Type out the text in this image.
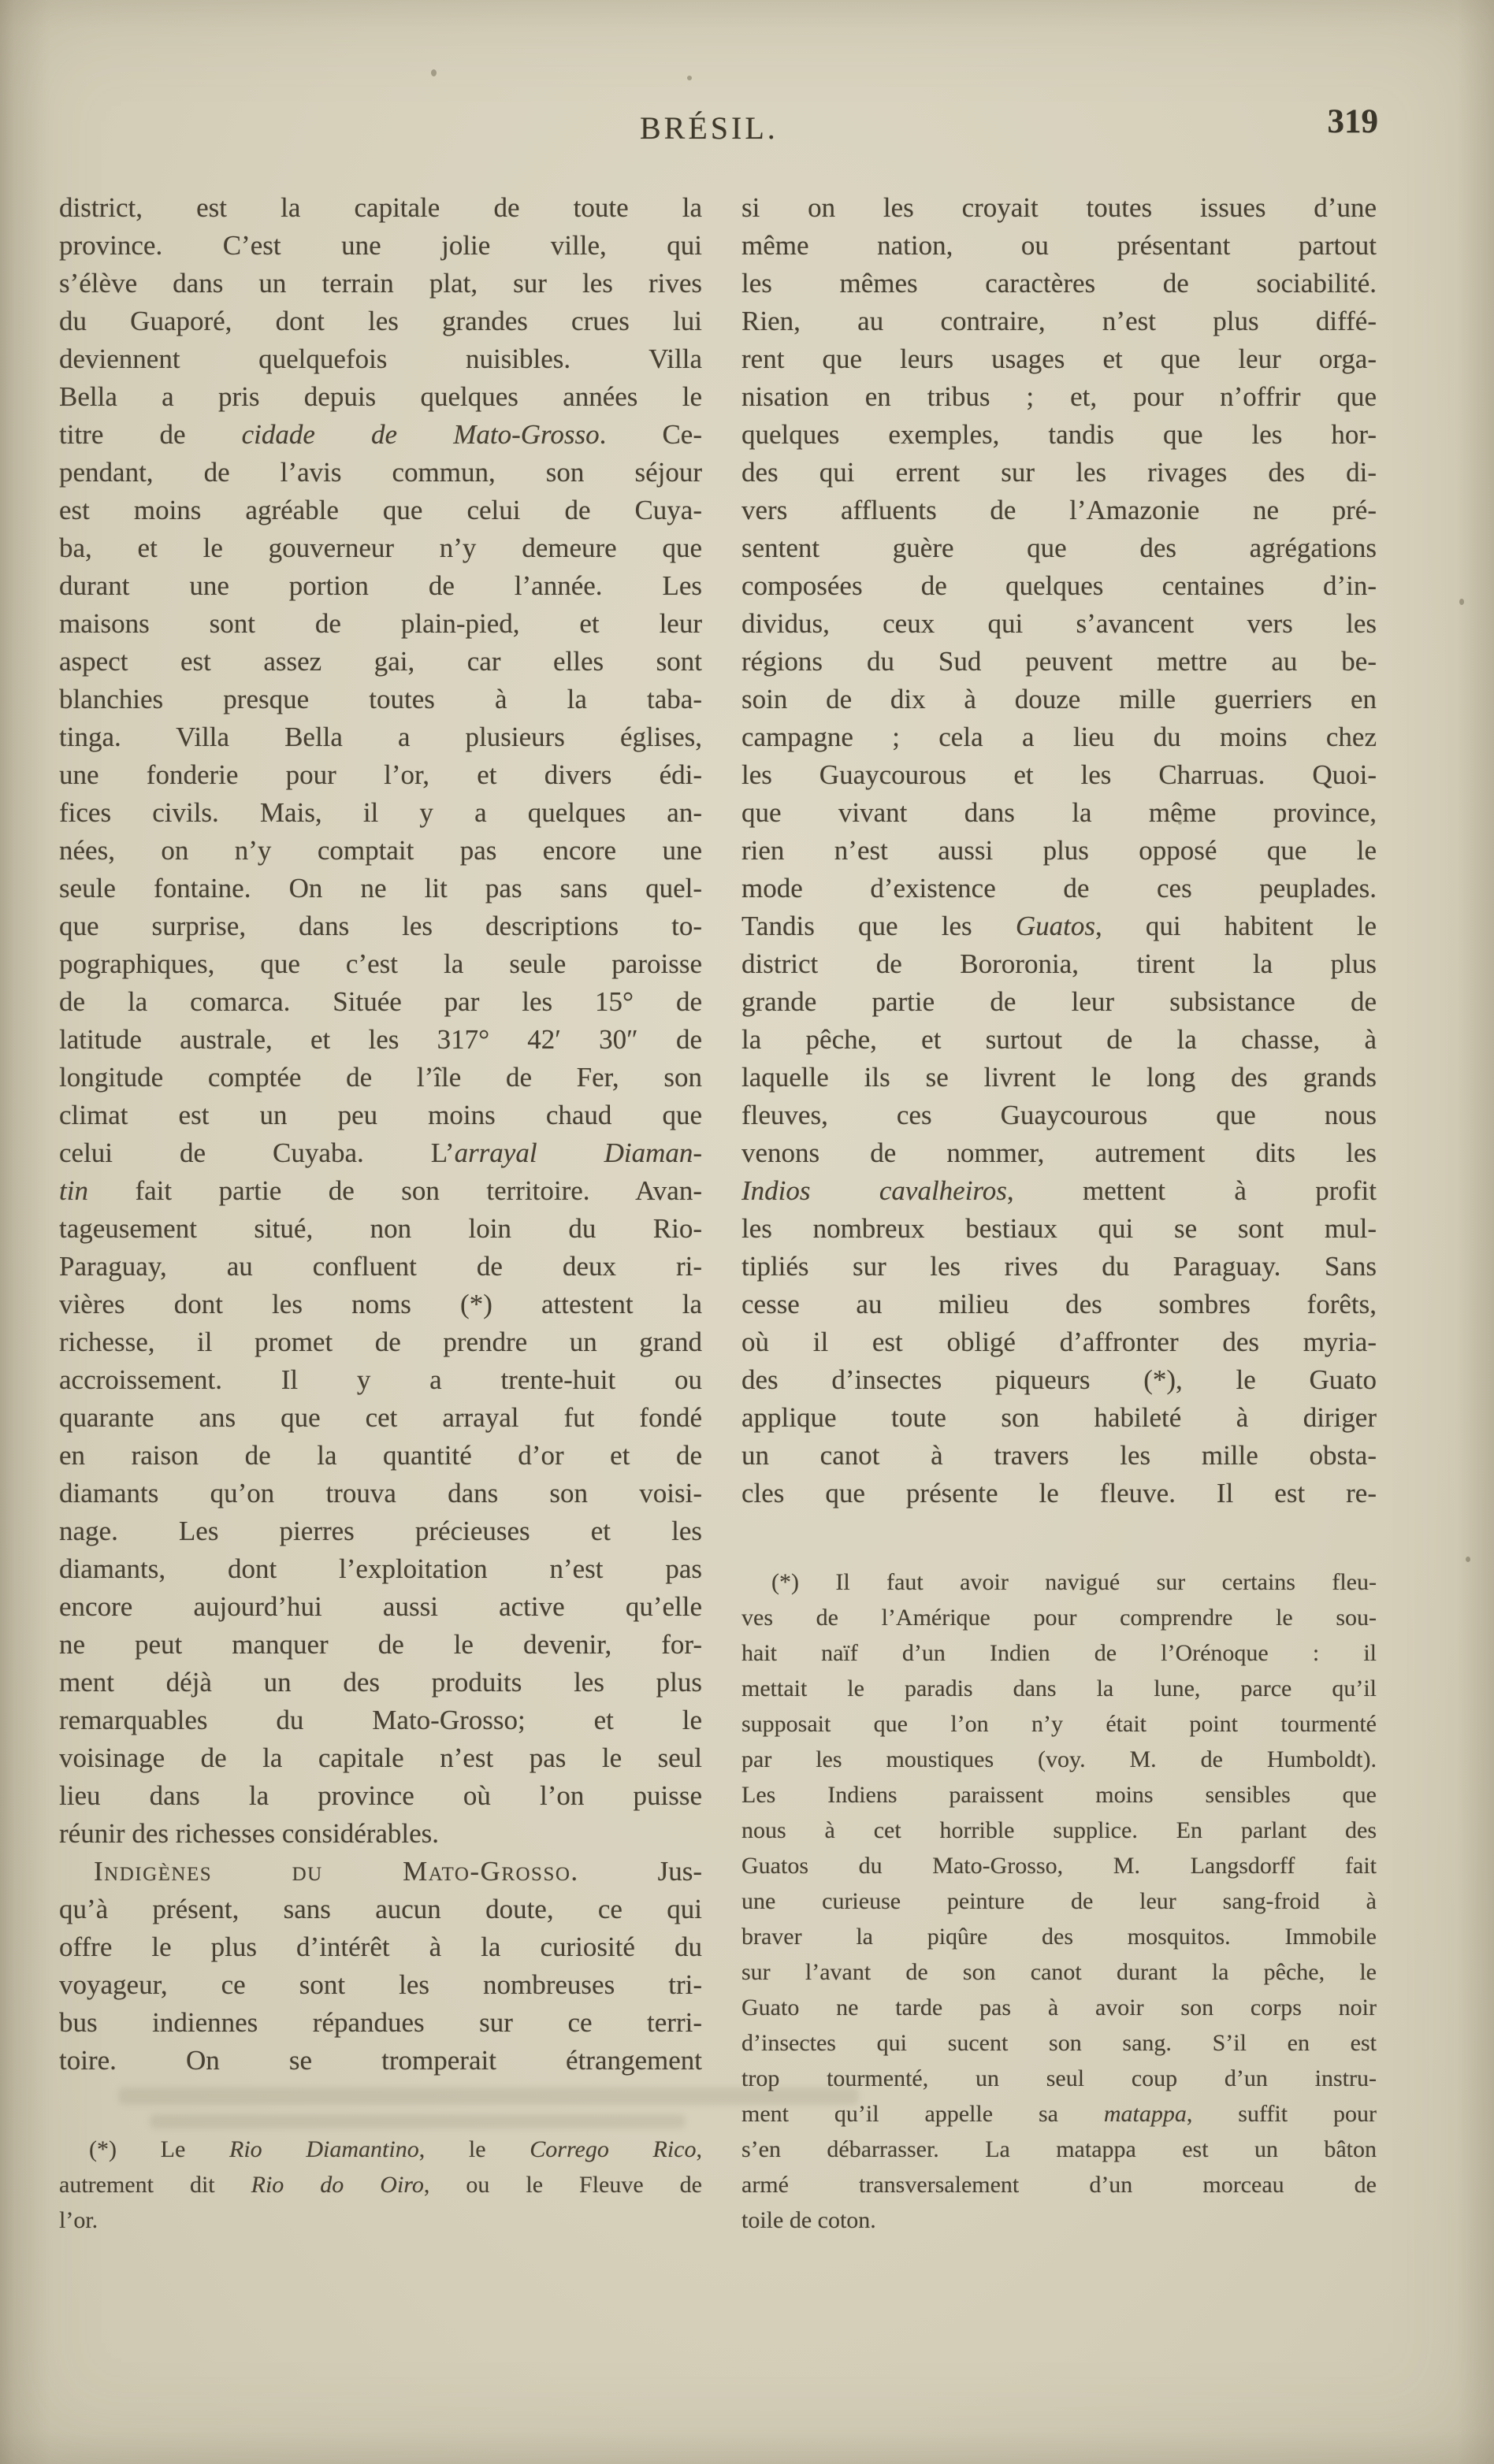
BRÉSIL.	319
district, est la capitale de toute la
province. C’est une jolie ville, qui
s’élève dans un terrain plat, sur les rives
du Guaporé, dont les grandes crues lui
deviennent quelquefois nuisibles. Villa
Bella a pris depuis quelques années le
titre de cidade de Mato-Grosso. Ce-
pendant, de l’avis commun, son séjour
est moins agréable que celui de Cuya-
ba, et le gouverneur n’y demeure que
durant une portion de l’année. Les
maisons sont de plain-pied, et leur
aspect est assez gai, car elles sont
blanchies presque toutes à la taba-
tinga. Villa Bella a plusieurs églises,
une fonderie pour l’or, et divers édi-
fices civils. Mais, il y a quelques an-
nées, on n’y comptait pas encore une
seule fontaine. On ne lit pas sans quel-
que surprise, dans les descriptions to-
pographiques, que c’est la seule paroisse
de la comarca. Située par les 15° de
latitude australe, et les 317° 42′ 30″ de
longitude comptée de l’île de Fer, son
climat est un peu moins chaud que
celui de Cuyaba. L’arrayal Diaman-
tin fait partie de son territoire. Avan-
tageusement situé, non loin du Rio-
Paraguay, au confluent de deux ri-
vières dont les noms (*) attestent la
richesse, il promet de prendre un grand
accroissement. Il y a trente-huit ou
quarante ans que cet arrayal fut fondé
en raison de la quantité d’or et de
diamants qu’on trouva dans son voisi-
nage. Les pierres précieuses et les
diamants, dont l’exploitation n’est pas
encore aujourd’hui aussi active qu’elle
ne peut manquer de le devenir, for-
ment déjà un des produits les plus
remarquables du Mato-Grosso; et le
voisinage de la capitale n’est pas le seul
lieu dans la province où l’on puisse
réunir des richesses considérables.
Indigènes du Mato-Grosso. Jus-
qu’à présent, sans aucun doute, ce qui
offre le plus d’intérêt à la curiosité du
voyageur, ce sont les nombreuses tri-
bus indiennes répandues sur ce terri-
toire. On se tromperait étrangement
(*) Le Rio Diamantino, le Corrego Rico,
autrement dit Rio do Oiro, ou le Fleuve de
l’or.
si on les croyait toutes issues d’une
même nation, ou présentant partout
les mêmes caractères de sociabilité.
Rien, au contraire, n’est plus diffé-
rent que leurs usages et que leur orga-
nisation en tribus ; et, pour n’offrir que
quelques exemples, tandis que les hor-
des qui errent sur les rivages des di-
vers affluents de l’Amazonie ne pré-
sentent guère que des agrégations
composées de quelques centaines d’in-
dividus, ceux qui s’avancent vers les
régions du Sud peuvent mettre au be-
soin de dix à douze mille guerriers en
campagne ; cela a lieu du moins chez
les Guaycourous et les Charruas. Quoi-
que vivant dans la même province,
rien n’est aussi plus opposé que le
mode d’existence de ces peuplades.
Tandis que les Guatos, qui habitent le
district de Bororonia, tirent la plus
grande partie de leur subsistance de
la pêche, et surtout de la chasse, à
laquelle ils se livrent le long des grands
fleuves, ces Guaycourous que nous
venons de nommer, autrement dits les
Indios cavalheiros, mettent à profit
les nombreux bestiaux qui se sont mul-
tipliés sur les rives du Paraguay. Sans
cesse au milieu des sombres forêts,
où il est obligé d’affronter des myria-
des d’insectes piqueurs (*), le Guato
applique toute son habileté à diriger
un canot à travers les mille obsta-
cles que présente le fleuve. Il est re-
(*) Il faut avoir navigué sur certains fleu-
ves de l’Amérique pour comprendre le sou-
hait naïf d’un Indien de l’Orénoque : il
mettait le paradis dans la lune, parce qu’il
supposait que l’on n’y était point tourmenté
par les moustiques (voy. M. de Humboldt).
Les Indiens paraissent moins sensibles que
nous à cet horrible supplice. En parlant des
Guatos du Mato-Grosso, M. Langsdorff fait
une curieuse peinture de leur sang-froid à
braver la piqûre des mosquitos. Immobile
sur l’avant de son canot durant la pêche, le
Guato ne tarde pas à avoir son corps noir
d’insectes qui sucent son sang. S’il en est
trop tourmenté, un seul coup d’un instru-
ment qu’il appelle sa matappa, suffit pour
s’en débarrasser. La matappa est un bâton
armé transversalement d’un morceau de
toile de coton.
